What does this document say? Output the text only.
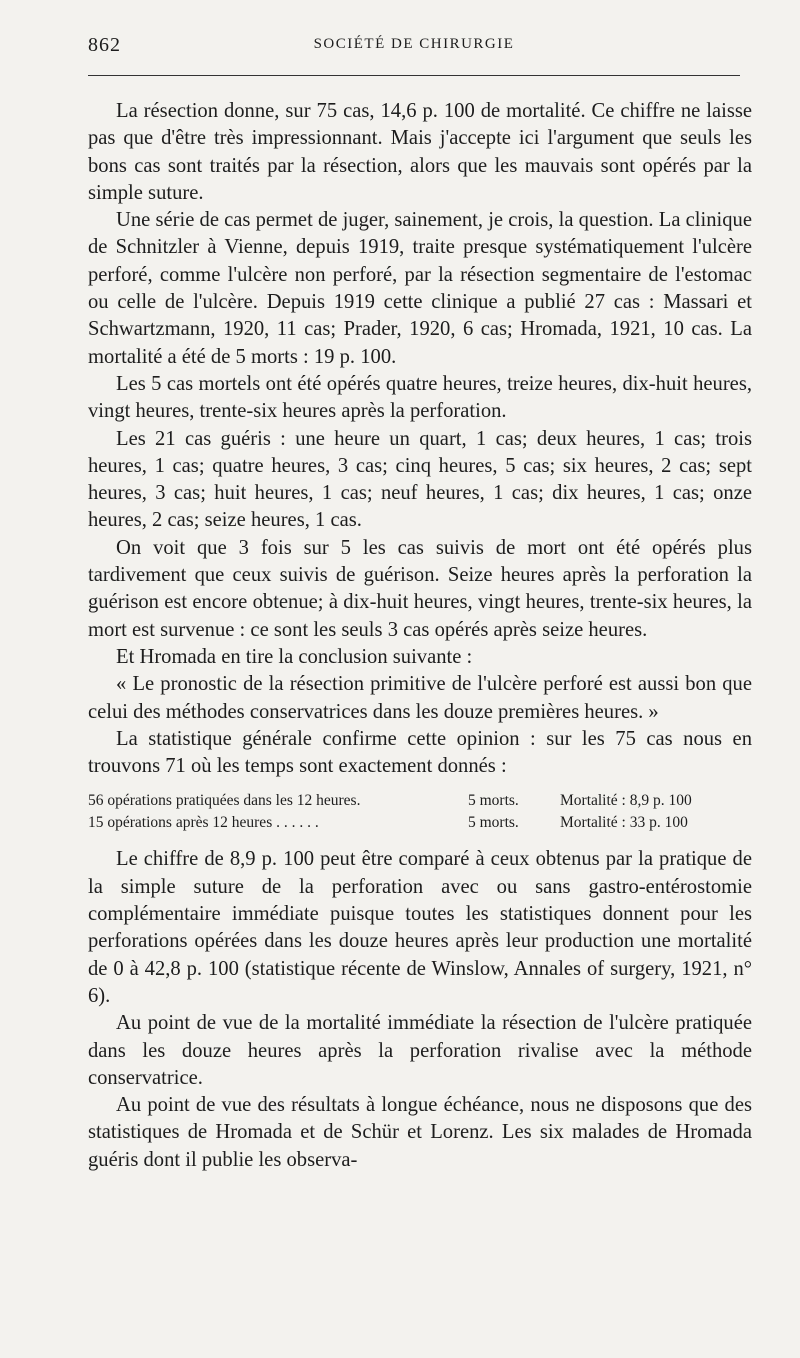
862	SOCIÉTÉ DE CHIRURGIE

La résection donne, sur 75 cas, 14,6 p. 100 de mortalité. Ce chiffre ne laisse pas que d'être très impressionnant. Mais j'accepte ici l'argument que seuls les bons cas sont traités par la résection, alors que les mauvais sont opérés par la simple suture.

Une série de cas permet de juger, sainement, je crois, la question. La clinique de Schnitzler à Vienne, depuis 1919, traite presque systématiquement l'ulcère perforé, comme l'ulcère non perforé, par la résection segmentaire de l'estomac ou celle de l'ulcère. Depuis 1919 cette clinique a publié 27 cas : Massari et Schwartzmann, 1920, 11 cas; Prader, 1920, 6 cas; Hromada, 1921, 10 cas. La mortalité a été de 5 morts : 19 p. 100.

Les 5 cas mortels ont été opérés quatre heures, treize heures, dix-huit heures, vingt heures, trente-six heures après la perforation.

Les 21 cas guéris : une heure un quart, 1 cas; deux heures, 1 cas; trois heures, 1 cas; quatre heures, 3 cas; cinq heures, 5 cas; six heures, 2 cas; sept heures, 3 cas; huit heures, 1 cas; neuf heures, 1 cas; dix heures, 1 cas; onze heures, 2 cas; seize heures, 1 cas.

On voit que 3 fois sur 5 les cas suivis de mort ont été opérés plus tardivement que ceux suivis de guérison. Seize heures après la perforation la guérison est encore obtenue; à dix-huit heures, vingt heures, trente-six heures, la mort est survenue : ce sont les seuls 3 cas opérés après seize heures.

Et Hromada en tire la conclusion suivante :

« Le pronostic de la résection primitive de l'ulcère perforé est aussi bon que celui des méthodes conservatrices dans les douze premières heures. »

La statistique générale confirme cette opinion : sur les 75 cas nous en trouvons 71 où les temps sont exactement donnés :

56 opérations pratiquées dans les 12 heures.	5 morts.	Mortalité : 8,9 p. 100
15 opérations après 12 heures . . . . . .	5 morts.	Mortalité : 33 p. 100

Le chiffre de 8,9 p. 100 peut être comparé à ceux obtenus par la pratique de la simple suture de la perforation avec ou sans gastro-entérostomie complémentaire immédiate puisque toutes les statistiques donnent pour les perforations opérées dans les douze heures après leur production une mortalité de 0 à 42,8 p. 100 (statistique récente de Winslow, Annales of surgery, 1921, n° 6).

Au point de vue de la mortalité immédiate la résection de l'ulcère pratiquée dans les douze heures après la perforation rivalise avec la méthode conservatrice.

Au point de vue des résultats à longue échéance, nous ne disposons que des statistiques de Hromada et de Schür et Lorenz. Les six malades de Hromada guéris dont il publie les observa-
